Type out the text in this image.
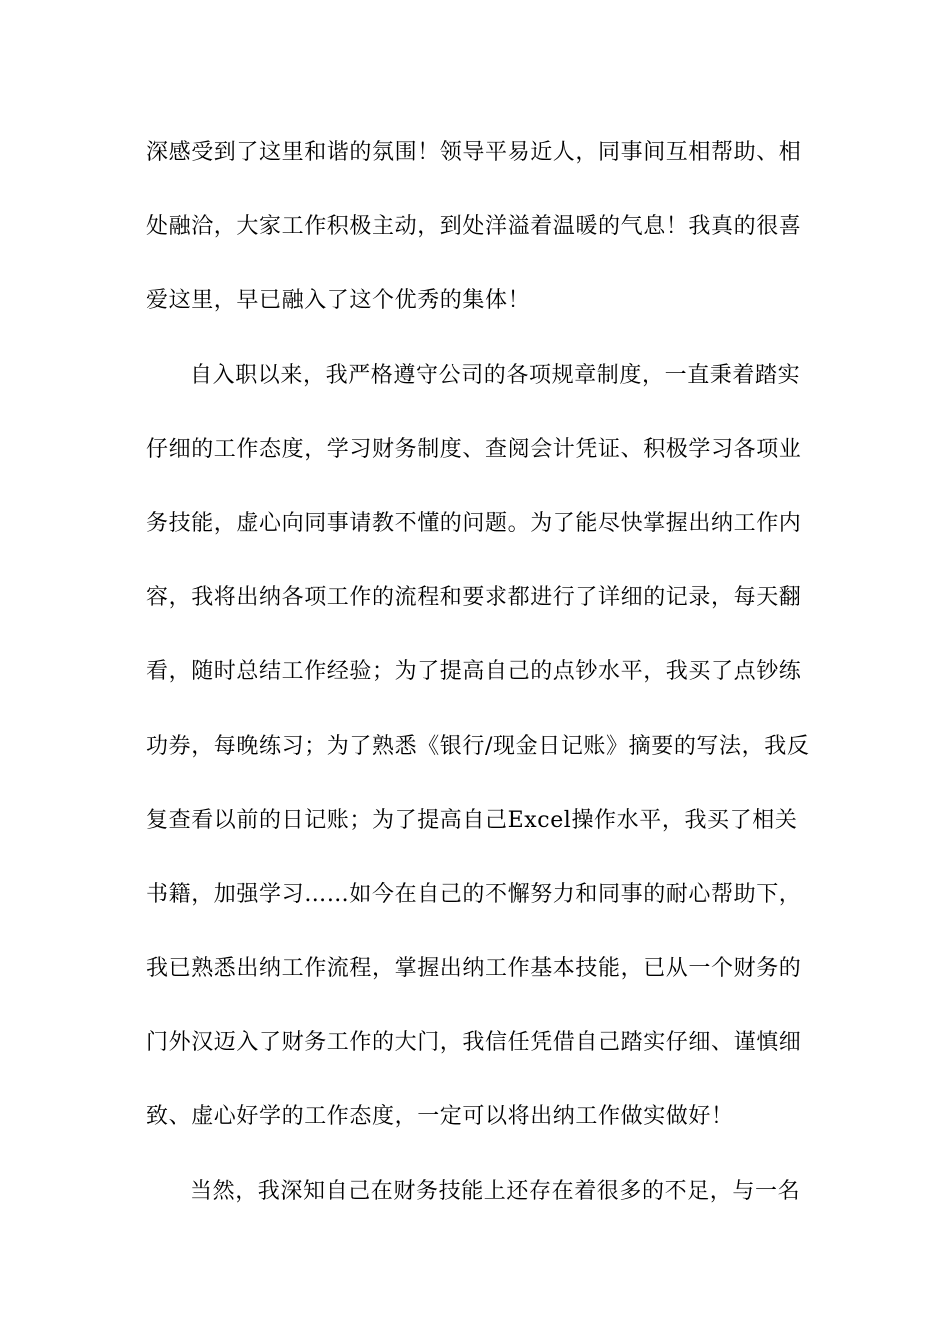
深感受到了这里和谐的氛围！领导平易近人，同事间互相帮助、相
处融洽，大家工作积极主动，到处洋溢着温暖的气息！我真的很喜
爱这里，早已融入了这个优秀的集体！
自入职以来，我严格遵守公司的各项规章制度，一直秉着踏实
仔细的工作态度，学习财务制度、查阅会计凭证、积极学习各项业
务技能，虚心向同事请教不懂的问题。为了能尽快掌握出纳工作内
容，我将出纳各项工作的流程和要求都进行了详细的记录，每天翻
看，随时总结工作经验；为了提高自己的点钞水平，我买了点钞练
功券，每晚练习；为了熟悉《银行/现金日记账》摘要的写法，我反
复查看以前的日记账；为了提高自己Excel操作水平，我买了相关
书籍，加强学习……如今在自己的不懈努力和同事的耐心帮助下，
我已熟悉出纳工作流程，掌握出纳工作基本技能，已从一个财务的
门外汉迈入了财务工作的大门，我信任凭借自己踏实仔细、谨慎细
致、虚心好学的工作态度，一定可以将出纳工作做实做好！
当然，我深知自己在财务技能上还存在着很多的不足，与一名
